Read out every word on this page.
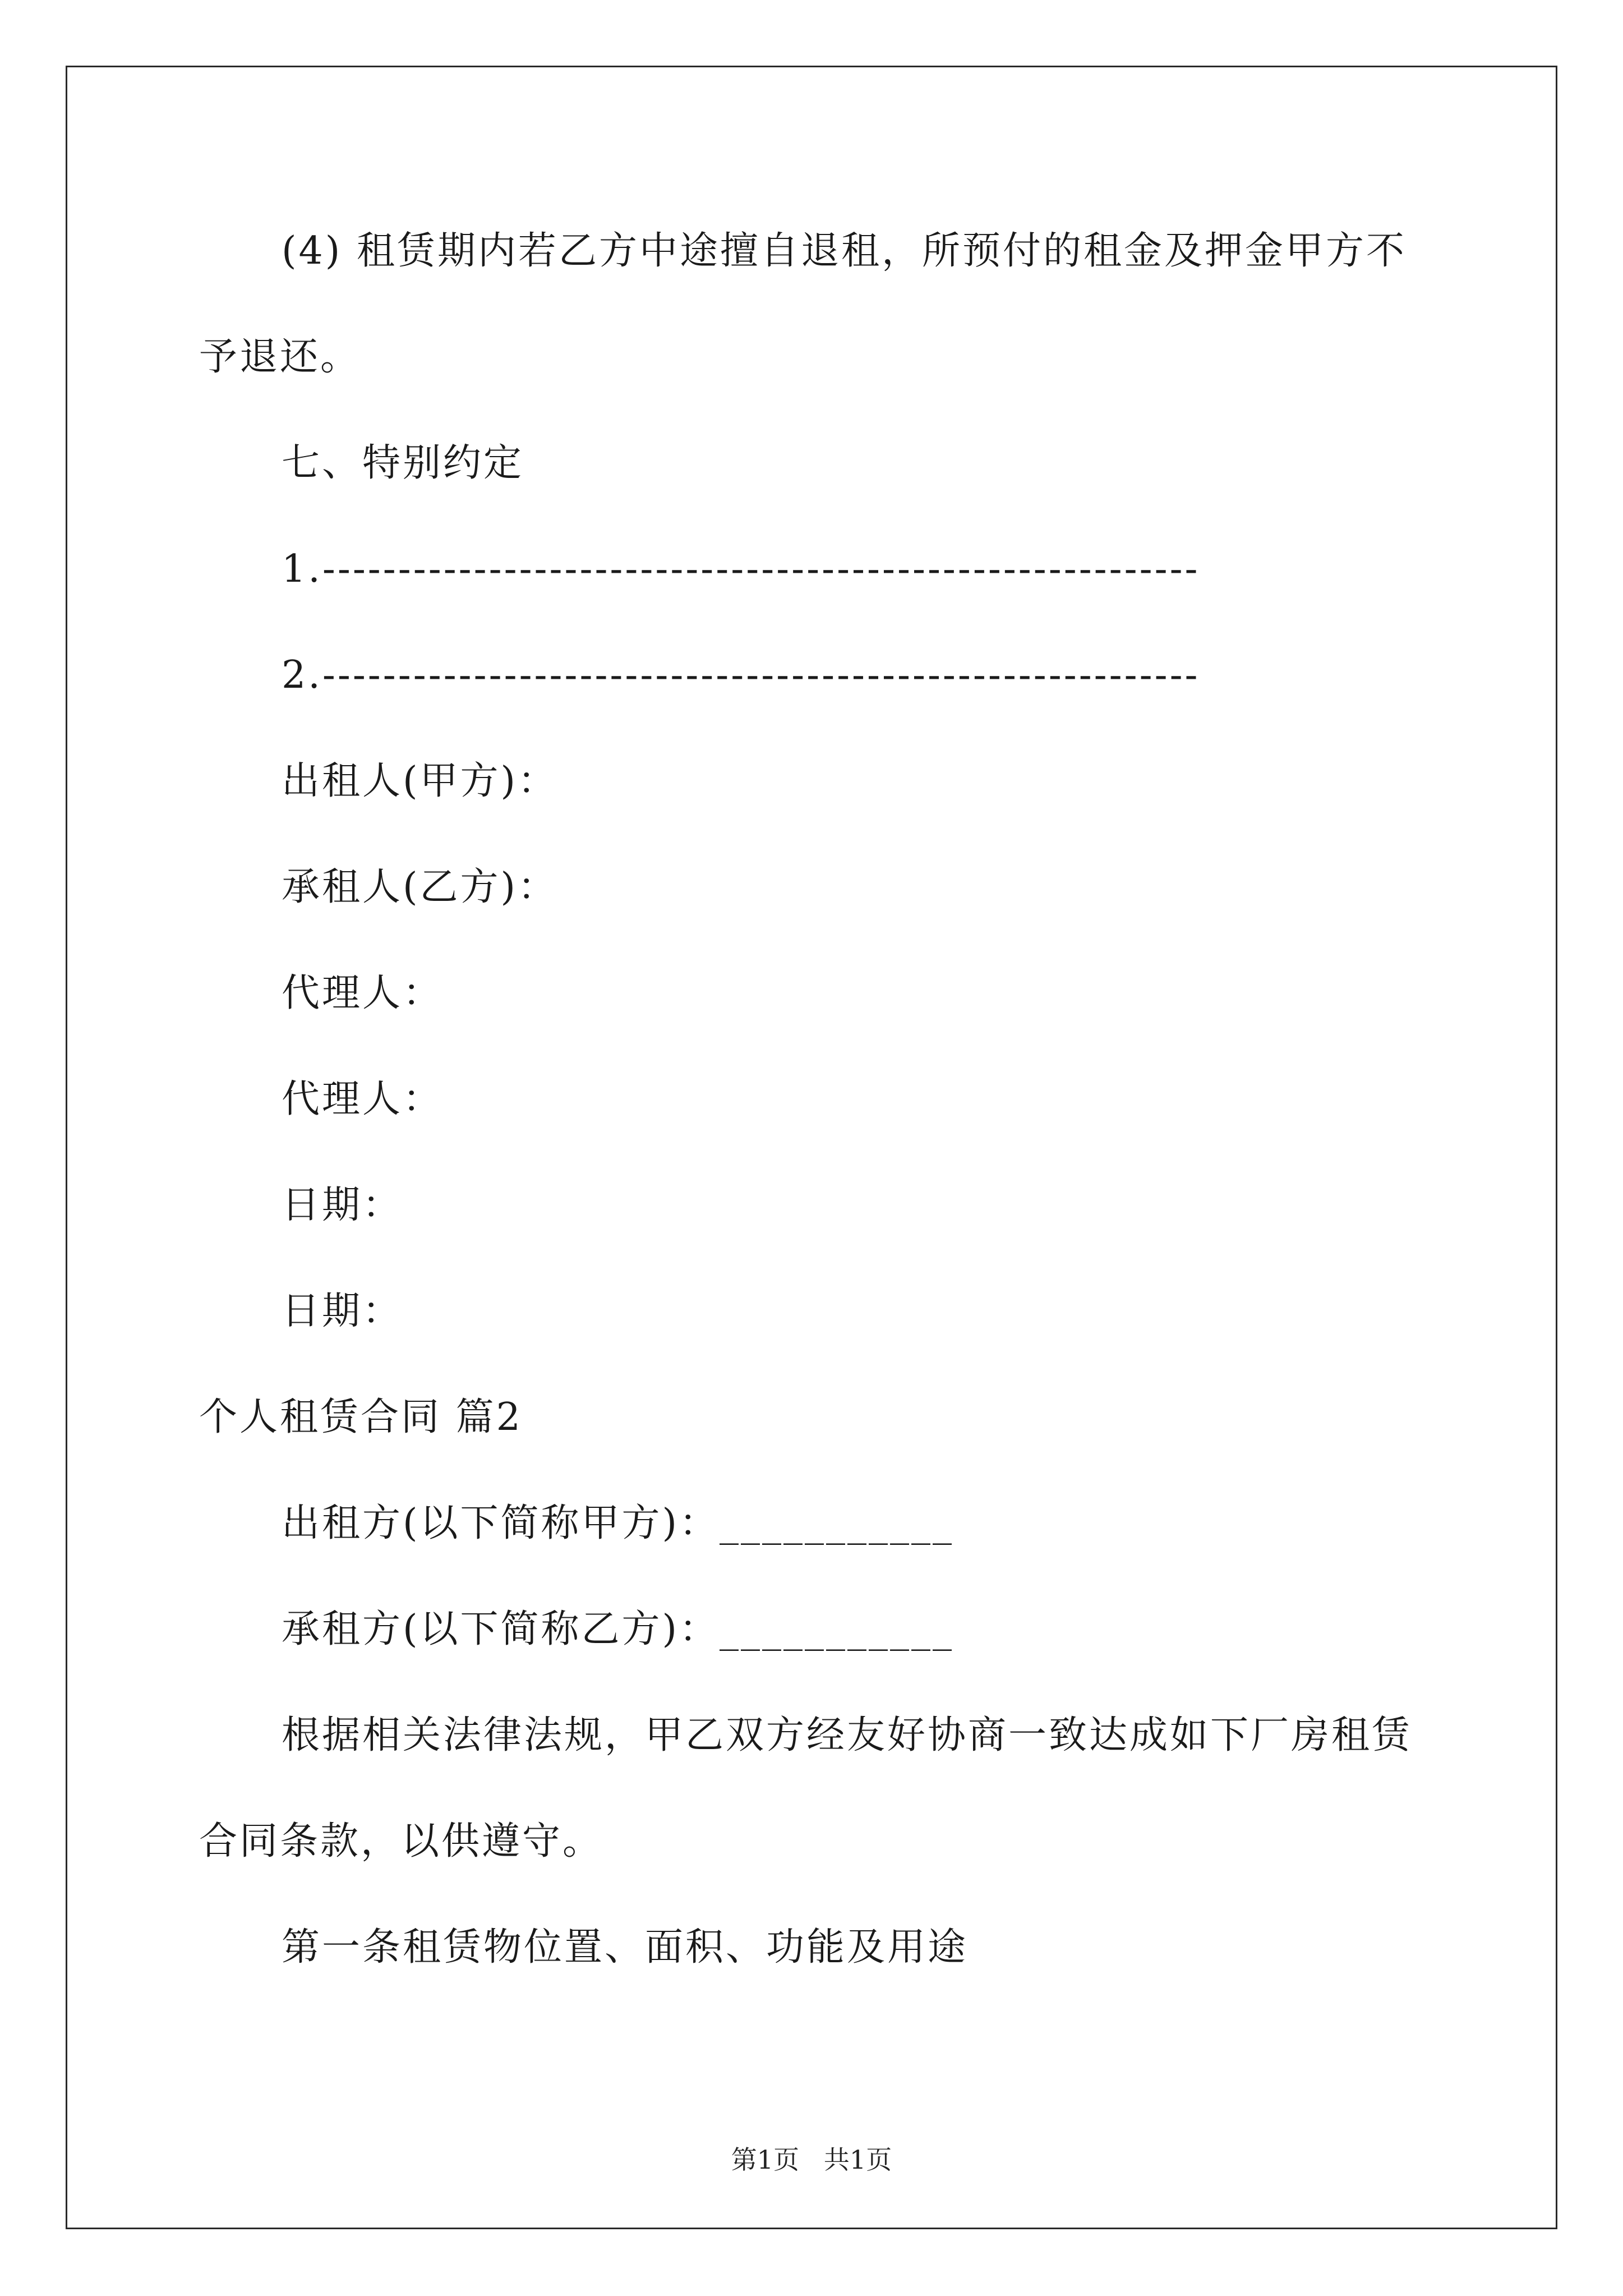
(4) 租赁期内若乙方中途擅自退租，所预付的租金及押金甲方不
予退还。
七、特别约定
1.----------------------------------------------------------
2.----------------------------------------------------------
出租人(甲方)：
承租人(乙方)：
代理人：
代理人：
日期：
日期：
个人租赁合同 篇2
出租方(以下简称甲方)：___________
承租方(以下简称乙方)：___________
根据相关法律法规，甲乙双方经友好协商一致达成如下厂房租赁
合同条款，以供遵守。
第一条租赁物位置、面积、功能及用途
第1页   共1页
